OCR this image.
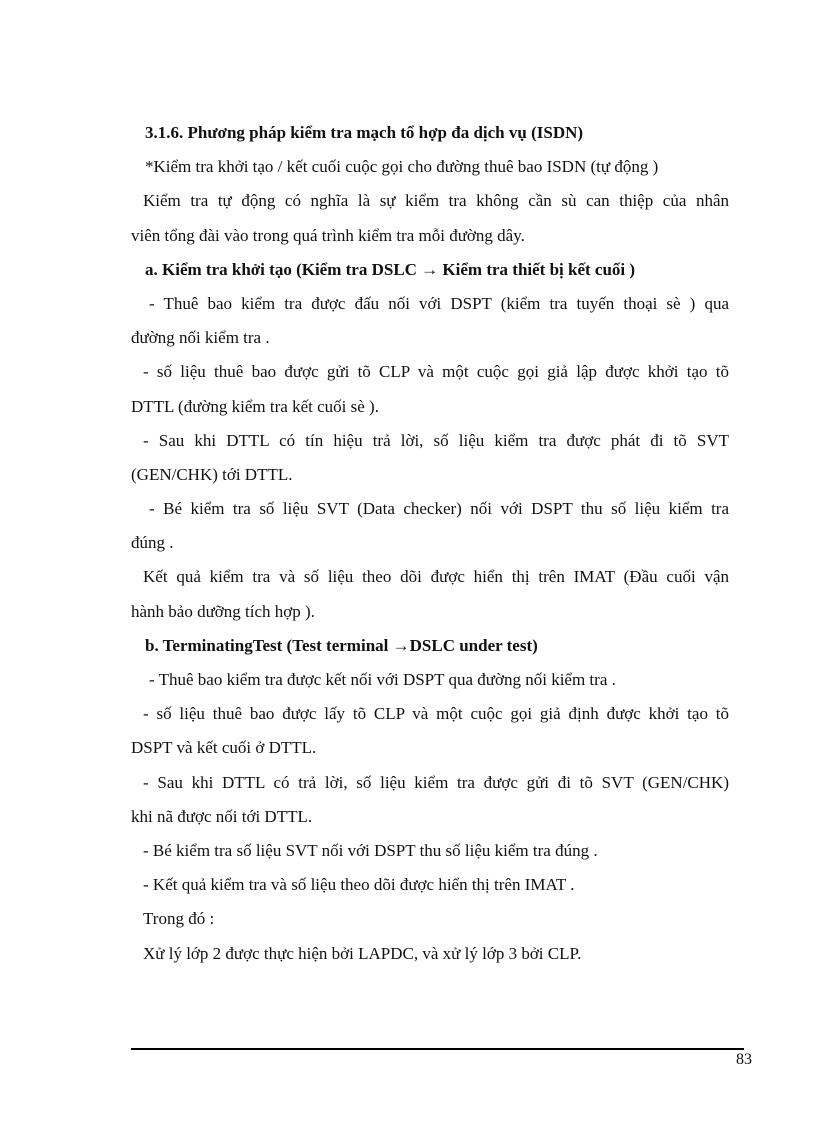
3.1.6. Phương pháp kiểm tra mạch tổ hợp đa dịch vụ (ISDN)
*Kiểm tra khởi tạo / kết cuối cuộc gọi cho đường thuê bao ISDN (tự động )
Kiểm tra tự động có nghĩa là sự kiểm tra không cần sù can thiệp của nhân
viên tổng đài vào trong quá trình kiểm tra mỗi đường dây.
a. Kiểm tra khởi tạo (Kiểm tra DSLC → Kiểm tra thiết bị kết cuối )
- Thuê bao kiểm tra được đấu nối với DSPT (kiểm tra tuyến thoại sè ) qua
đường nối kiểm tra .
- số liệu thuê bao được gửi tõ CLP và một cuộc gọi giả lập được khởi tạo tõ
DTTL (đường kiểm tra kết cuối sè ).
- Sau khi DTTL có tín hiệu trả lời, số liệu kiểm tra được phát đi tõ SVT
(GEN/CHK) tới DTTL.
- Bé kiểm tra số liệu SVT (Data checker) nối với DSPT thu số liệu kiểm tra
đúng .
Kết quả kiểm tra và số liệu theo dõi được hiển thị trên IMAT (Đầu cuối vận
hành bảo dưỡng tích hợp ).
b. TerminatingTest (Test terminal →DSLC under test)
- Thuê bao kiểm tra được kết nối với DSPT qua đường nối kiểm tra .
- số liệu thuê bao được lấy tõ CLP và một cuộc gọi giả định được khởi tạo tõ
DSPT và kết cuối ở DTTL.
- Sau khi DTTL có trả lời, số liệu kiểm tra được gửi đi tõ SVT (GEN/CHK)
khi nã được nối tới DTTL.
- Bé kiểm tra số liệu SVT nối với DSPT thu số liệu kiểm tra đúng .
- Kết quả kiểm tra và số liệu theo dõi được hiển thị trên IMAT .
Trong đó :
Xử lý lớp 2 được thực hiện bởi LAPDC, và xử lý lớp 3 bởi CLP.
83
